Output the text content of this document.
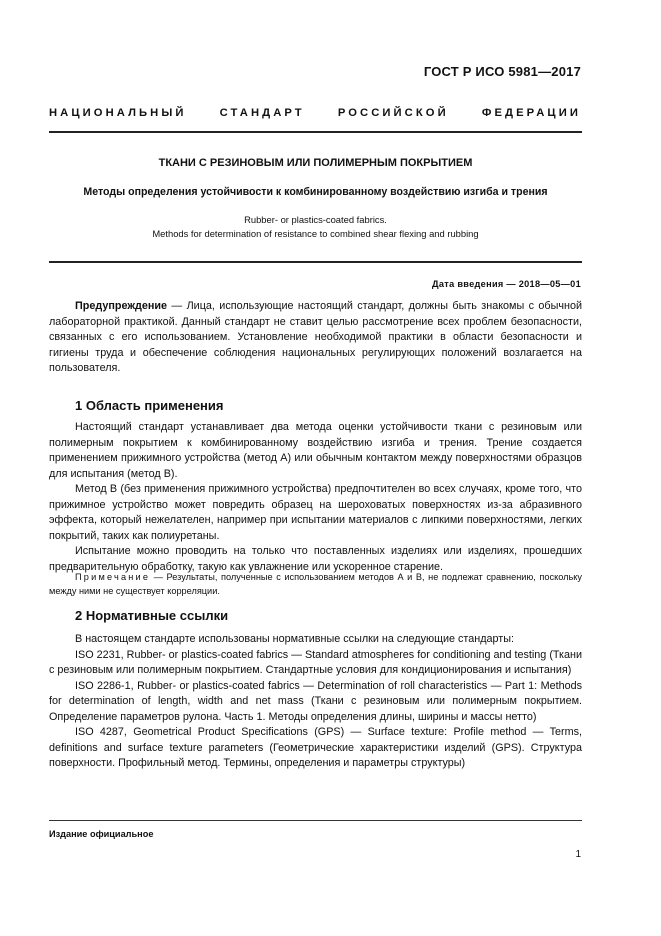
ГОСТ Р ИСО 5981—2017
НАЦИОНАЛЬНЫЙ СТАНДАРТ РОССИЙСКОЙ ФЕДЕРАЦИИ
ТКАНИ С РЕЗИНОВЫМ ИЛИ ПОЛИМЕРНЫМ ПОКРЫТИЕМ
Методы определения устойчивости к комбинированному воздействию изгиба и трения
Rubber- or plastics-coated fabrics.
Methods for determination of resistance to combined shear flexing and rubbing
Дата введения — 2018—05—01

Предупреждение — Лица, использующие настоящий стандарт, должны быть знакомы с обычной лабораторной практикой. Данный стандарт не ставит целью рассмотрение всех проблем безопасности, связанных с его использованием. Установление необходимой практики в области безопасности и гигиены труда и обеспечение соблюдения национальных регулирующих положений возлагается на пользователя.

1 Область применения

Настоящий стандарт устанавливает два метода оценки устойчивости ткани с резиновым или полимерным покрытием к комбинированному воздействию изгиба и трения. Трение создается применением прижимного устройства (метод А) или обычным контактом между поверхностями образцов для испытания (метод В).

Метод В (без применения прижимного устройства) предпочтителен во всех случаях, кроме того, что прижимное устройство может повредить образец на шероховатых поверхностях из-за абразивного эффекта, который нежелателен, например при испытании материалов с липкими поверхностями, легких покрытий, таких как полиуретаны.

Испытание можно проводить на только что поставленных изделиях или изделиях, прошедших предварительную обработку, такую как увлажнение или ускоренное старение.

Примечание — Результаты, полученные с использованием методов А и В, не подлежат сравнению, поскольку между ними не существует корреляции.
2 Нормативные ссылки

В настоящем стандарте использованы нормативные ссылки на следующие стандарты:

ISO 2231, Rubber- or plastics-coated fabrics — Standard atmospheres for conditioning and testing (Ткани с резиновым или полимерным покрытием. Стандартные условия для кондиционирования и испытания)

ISO 2286-1, Rubber- or plastics-coated fabrics — Determination of roll characteristics — Part 1: Methods for determination of length, width and net mass (Ткани с резиновым или полимерным покрытием. Определение параметров рулона. Часть 1. Методы определения длины, ширины и массы нетто)

ISO 4287, Geometrical Product Specifications (GPS) — Surface texture: Profile method — Terms, definitions and surface texture parameters (Геометрические характеристики изделий (GPS). Структура поверхности. Профильный метод. Термины, определения и параметры структуры)

Издание официальное
1
